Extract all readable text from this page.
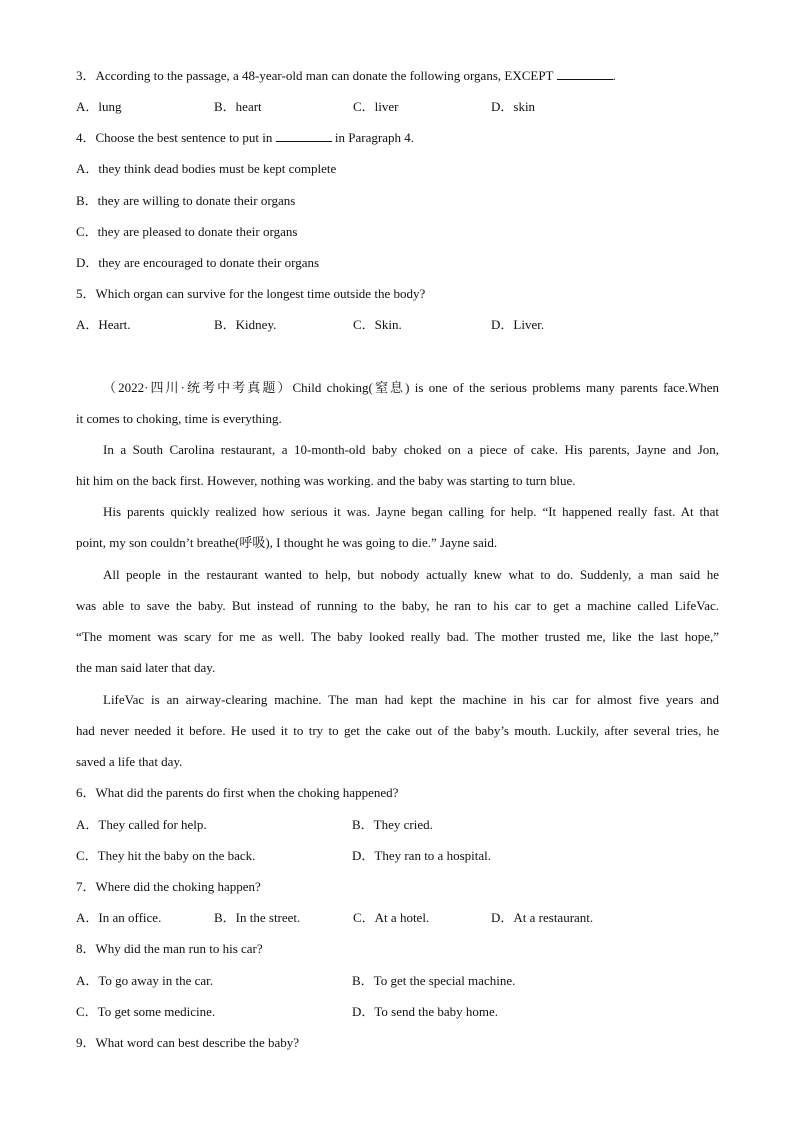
3．According to the passage, a 48-year-old man can donate the following organs, EXCEPT	.
A．lung	B．heart	C．liver	D．skin
4．Choose the best sentence to put in	in Paragraph 4.
A．they think dead bodies must be kept complete
B．they are willing to donate their organs
C．they are pleased to donate their organs
D．they are encouraged to donate their organs
5．Which organ can survive for the longest time outside the body?
A．Heart.	B．Kidney.	C．Skin.	D．Liver.
（2022·四川·统考中考真题）Child choking(窒息) is one of the serious problems many parents face.When
it comes to choking, time is everything.
In a South Carolina restaurant, a 10-month-old baby choked on a piece of cake. His parents, Jayne and Jon,
hit him on the back first. However, nothing was working. and the baby was starting to turn blue.
His parents quickly realized how serious it was. Jayne began calling for help. “It happened really fast. At that
point, my son couldn’t breathe(呼吸), I thought he was going to die.” Jayne said.
All people in the restaurant wanted to help, but nobody actually knew what to do. Suddenly, a man said he
was able to save the baby. But instead of running to the baby, he ran to his car to get a machine called LifeVac.
“The moment was scary for me as well. The baby looked really bad. The mother trusted me, like the last hope,”
the man said later that day.
LifeVac is an airway-clearing machine. The man had kept the machine in his car for almost five years and
had never needed it before. He used it to try to get the cake out of the baby’s mouth. Luckily, after several tries, he
saved a life that day.
6．What did the parents do first when the choking happened?
A．They called for help.	B．They cried.
C．They hit the baby on the back.	D．They ran to a hospital.
7．Where did the choking happen?
A．In an office.	B．In the street.	C．At a hotel.	D．At a restaurant.
8．Why did the man run to his car?
A．To go away in the car.	B．To get the special machine.
C．To get some medicine.	D．To send the baby home.
9．What word can best describe the baby?
